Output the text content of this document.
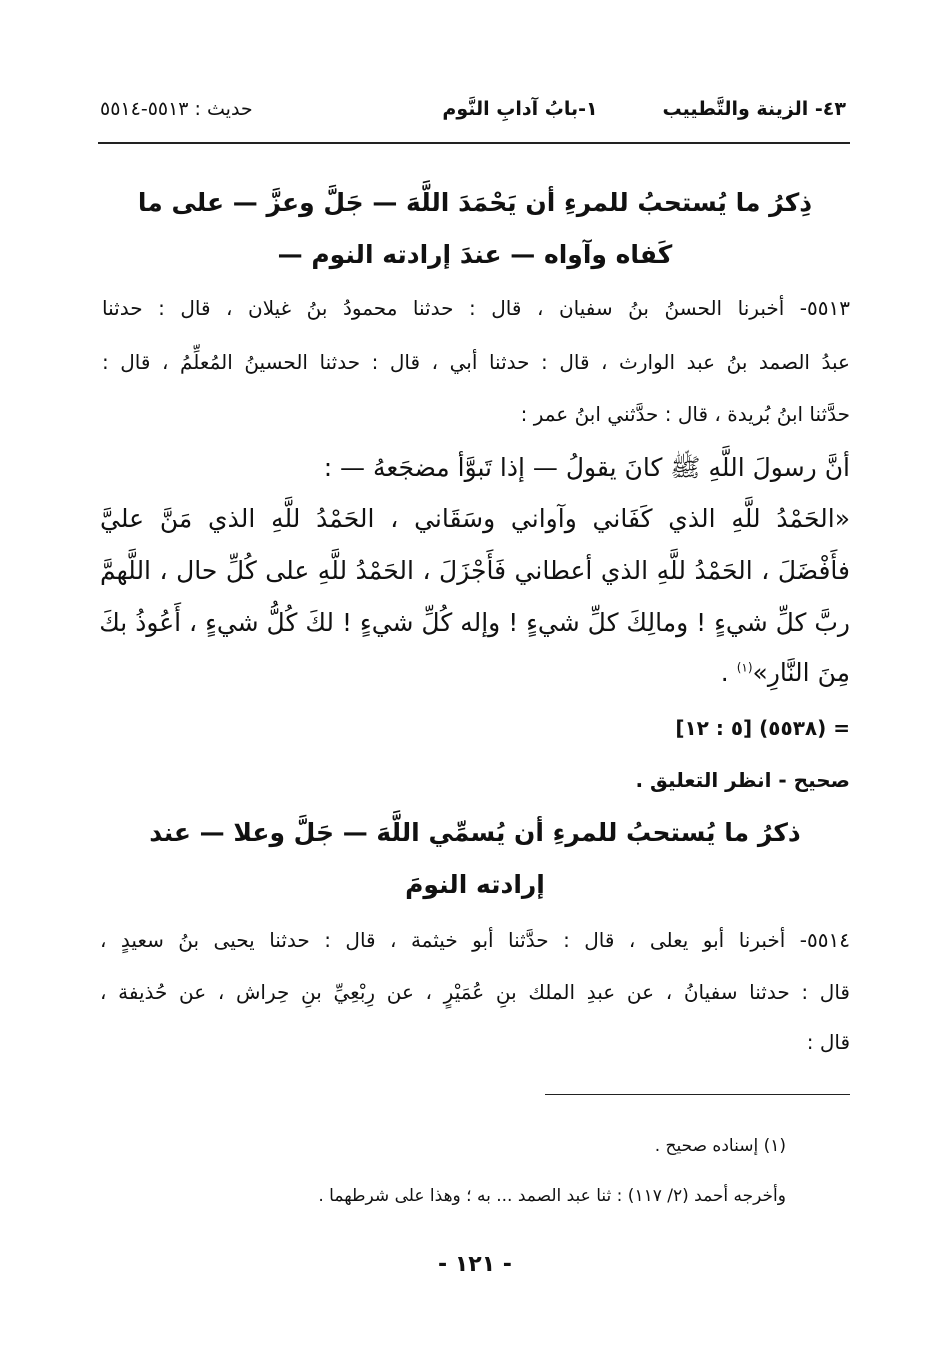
٤٣- الزينة والتَّطييب
١-بابُ آدابِ النَّوم
حديث : ٥٥١٣-٥٥١٤
ذِكرُ ما يُستحبُ للمرءِ أن يَحْمَدَ اللَّهَ — جَلَّ وعزَّ — على ما
كَفاه وآواه — عندَ إرادته النوم —
٥٥١٣- أخبرنا الحسنُ بنُ سفيان ، قال : حدثنا محمودُ بنُ غيلان ، قال : حدثنا
عبدُ الصمد بنُ عبد الوارث ، قال : حدثنا أبي ، قال : حدثنا الحسينُ المُعلِّمُ ، قال :
حدَّثنا ابنُ بُريدة ، قال : حدَّثني ابنُ عمر :
أنَّ رسولَ اللَّهِ ﷺ كانَ يقولُ — إذا تَبوَّأ مضجَعهُ — :
«الحَمْدُ للَّهِ الذي كَفَاني وآواني وسَقَاني ، الحَمْدُ للَّهِ الذي مَنَّ عليَّ
فأَفْضَلَ ، الحَمْدُ للَّهِ الذي أعطاني فَأَجْزَلَ ، الحَمْدُ للَّهِ على كُلِّ حال ، اللَّهمَّ
ربَّ كلِّ شيءٍ ! ومالِكَ كلِّ شيءٍ ! وإله كُلِّ شيءٍ ! لكَ كُلُّ شيءٍ ، أَعُوذُ بكَ
مِنَ النَّارِ»$^{(١)}$ .
= (٥٥٣٨) [٥ : ١٢]
صحيح - انظر التعليق .
ذكرُ ما يُستحبُ للمرءِ أن يُسمِّي اللَّهَ — جَلَّ وعلا — عند
إرادته النومَ
٥٥١٤- أخبرنا أبو يعلى ، قال : حدَّثنا أبو خيثمة ، قال : حدثنا يحيى بنُ سعيدٍ ،
قال : حدثنا سفيانُ ، عن عبدِ الملك بنِ عُمَيْرٍ ، عن رِبْعِيِّ بنِ حِراش ، عن حُذيفة ،
قال :
(١) إسناده صحيح .
وأخرجه أحمد (٢/ ١١٧) : ثنا عبد الصمد ... به ؛ وهذا على شرطهما .
- ١٢١ -
